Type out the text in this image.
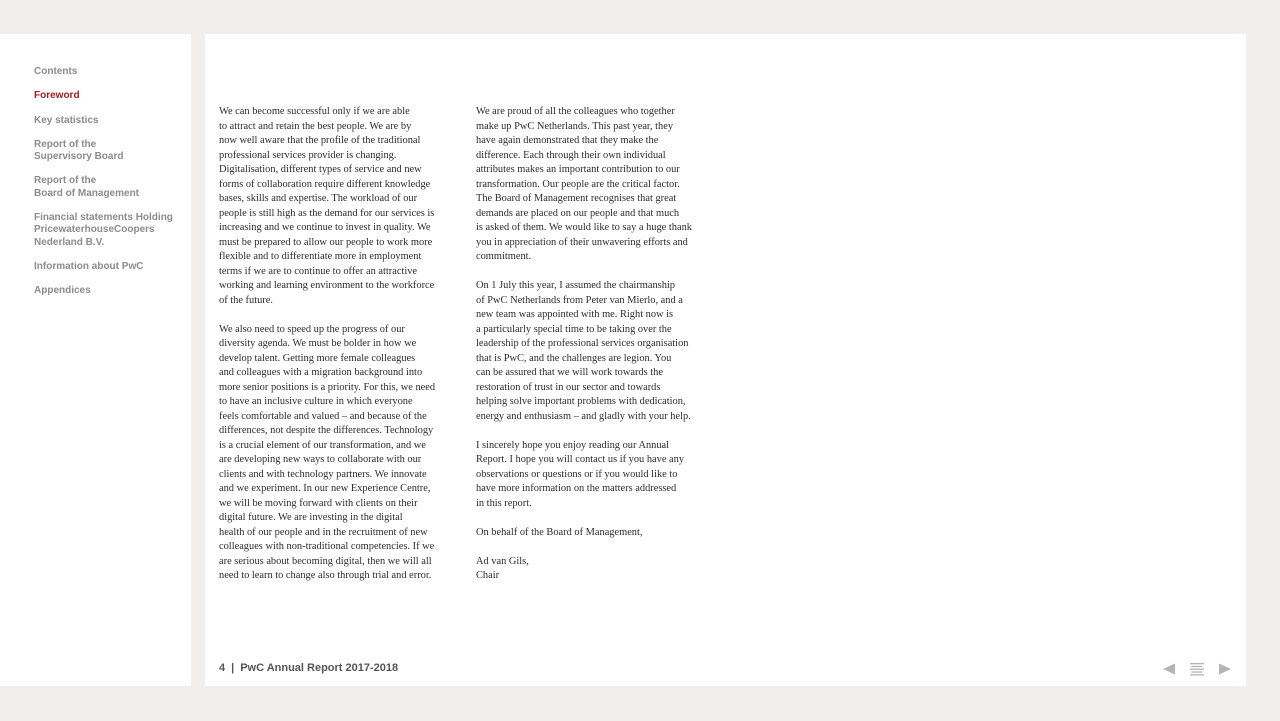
Contents
Foreword
Key statistics
Report of the
Supervisory Board
Report of the
Board of Management
Financial statements Holding
PricewaterhouseCoopers
Nederland B.V.
Information about PwC
Appendices

We can become successful only if we are able
to attract and retain the best people. We are by
now well aware that the profile of the traditional
professional services provider is changing.
Digitalisation, different types of service and new
forms of collaboration require different knowledge
bases, skills and expertise. The workload of our
people is still high as the demand for our services is
increasing and we continue to invest in quality. We
must be prepared to allow our people to work more
flexible and to differentiate more in employment
terms if we are to continue to offer an attractive
working and learning environment to the workforce
of the future.

We also need to speed up the progress of our
diversity agenda. We must be bolder in how we
develop talent. Getting more female colleagues
and colleagues with a migration background into
more senior positions is a priority. For this, we need
to have an inclusive culture in which everyone
feels comfortable and valued – and because of the
differences, not despite the differences. Technology
is a crucial element of our transformation, and we
are developing new ways to collaborate with our
clients and with technology partners. We innovate
and we experiment. In our new Experience Centre,
we will be moving forward with clients on their
digital future. We are investing in the digital
health of our people and in the recruitment of new
colleagues with non-traditional competencies. If we
are serious about becoming digital, then we will all
need to learn to change also through trial and error.

We are proud of all the colleagues who together
make up PwC Netherlands. This past year, they
have again demonstrated that they make the
difference. Each through their own individual
attributes makes an important contribution to our
transformation. Our people are the critical factor.
The Board of Management recognises that great
demands are placed on our people and that much
is asked of them. We would like to say a huge thank
you in appreciation of their unwavering efforts and
commitment.

On 1 July this year, I assumed the chairmanship
of PwC Netherlands from Peter van Mierlo, and a
new team was appointed with me. Right now is
a particularly special time to be taking over the
leadership of the professional services organisation
that is PwC, and the challenges are legion. You
can be assured that we will work towards the
restoration of trust in our sector and towards
helping solve important problems with dedication,
energy and enthusiasm – and gladly with your help.

I sincerely hope you enjoy reading our Annual
Report. I hope you will contact us if you have any
observations or questions or if you would like to
have more information on the matters addressed
in this report.

On behalf of the Board of Management,

Ad van Gils,
Chair

4 | PwC Annual Report 2017-2018
